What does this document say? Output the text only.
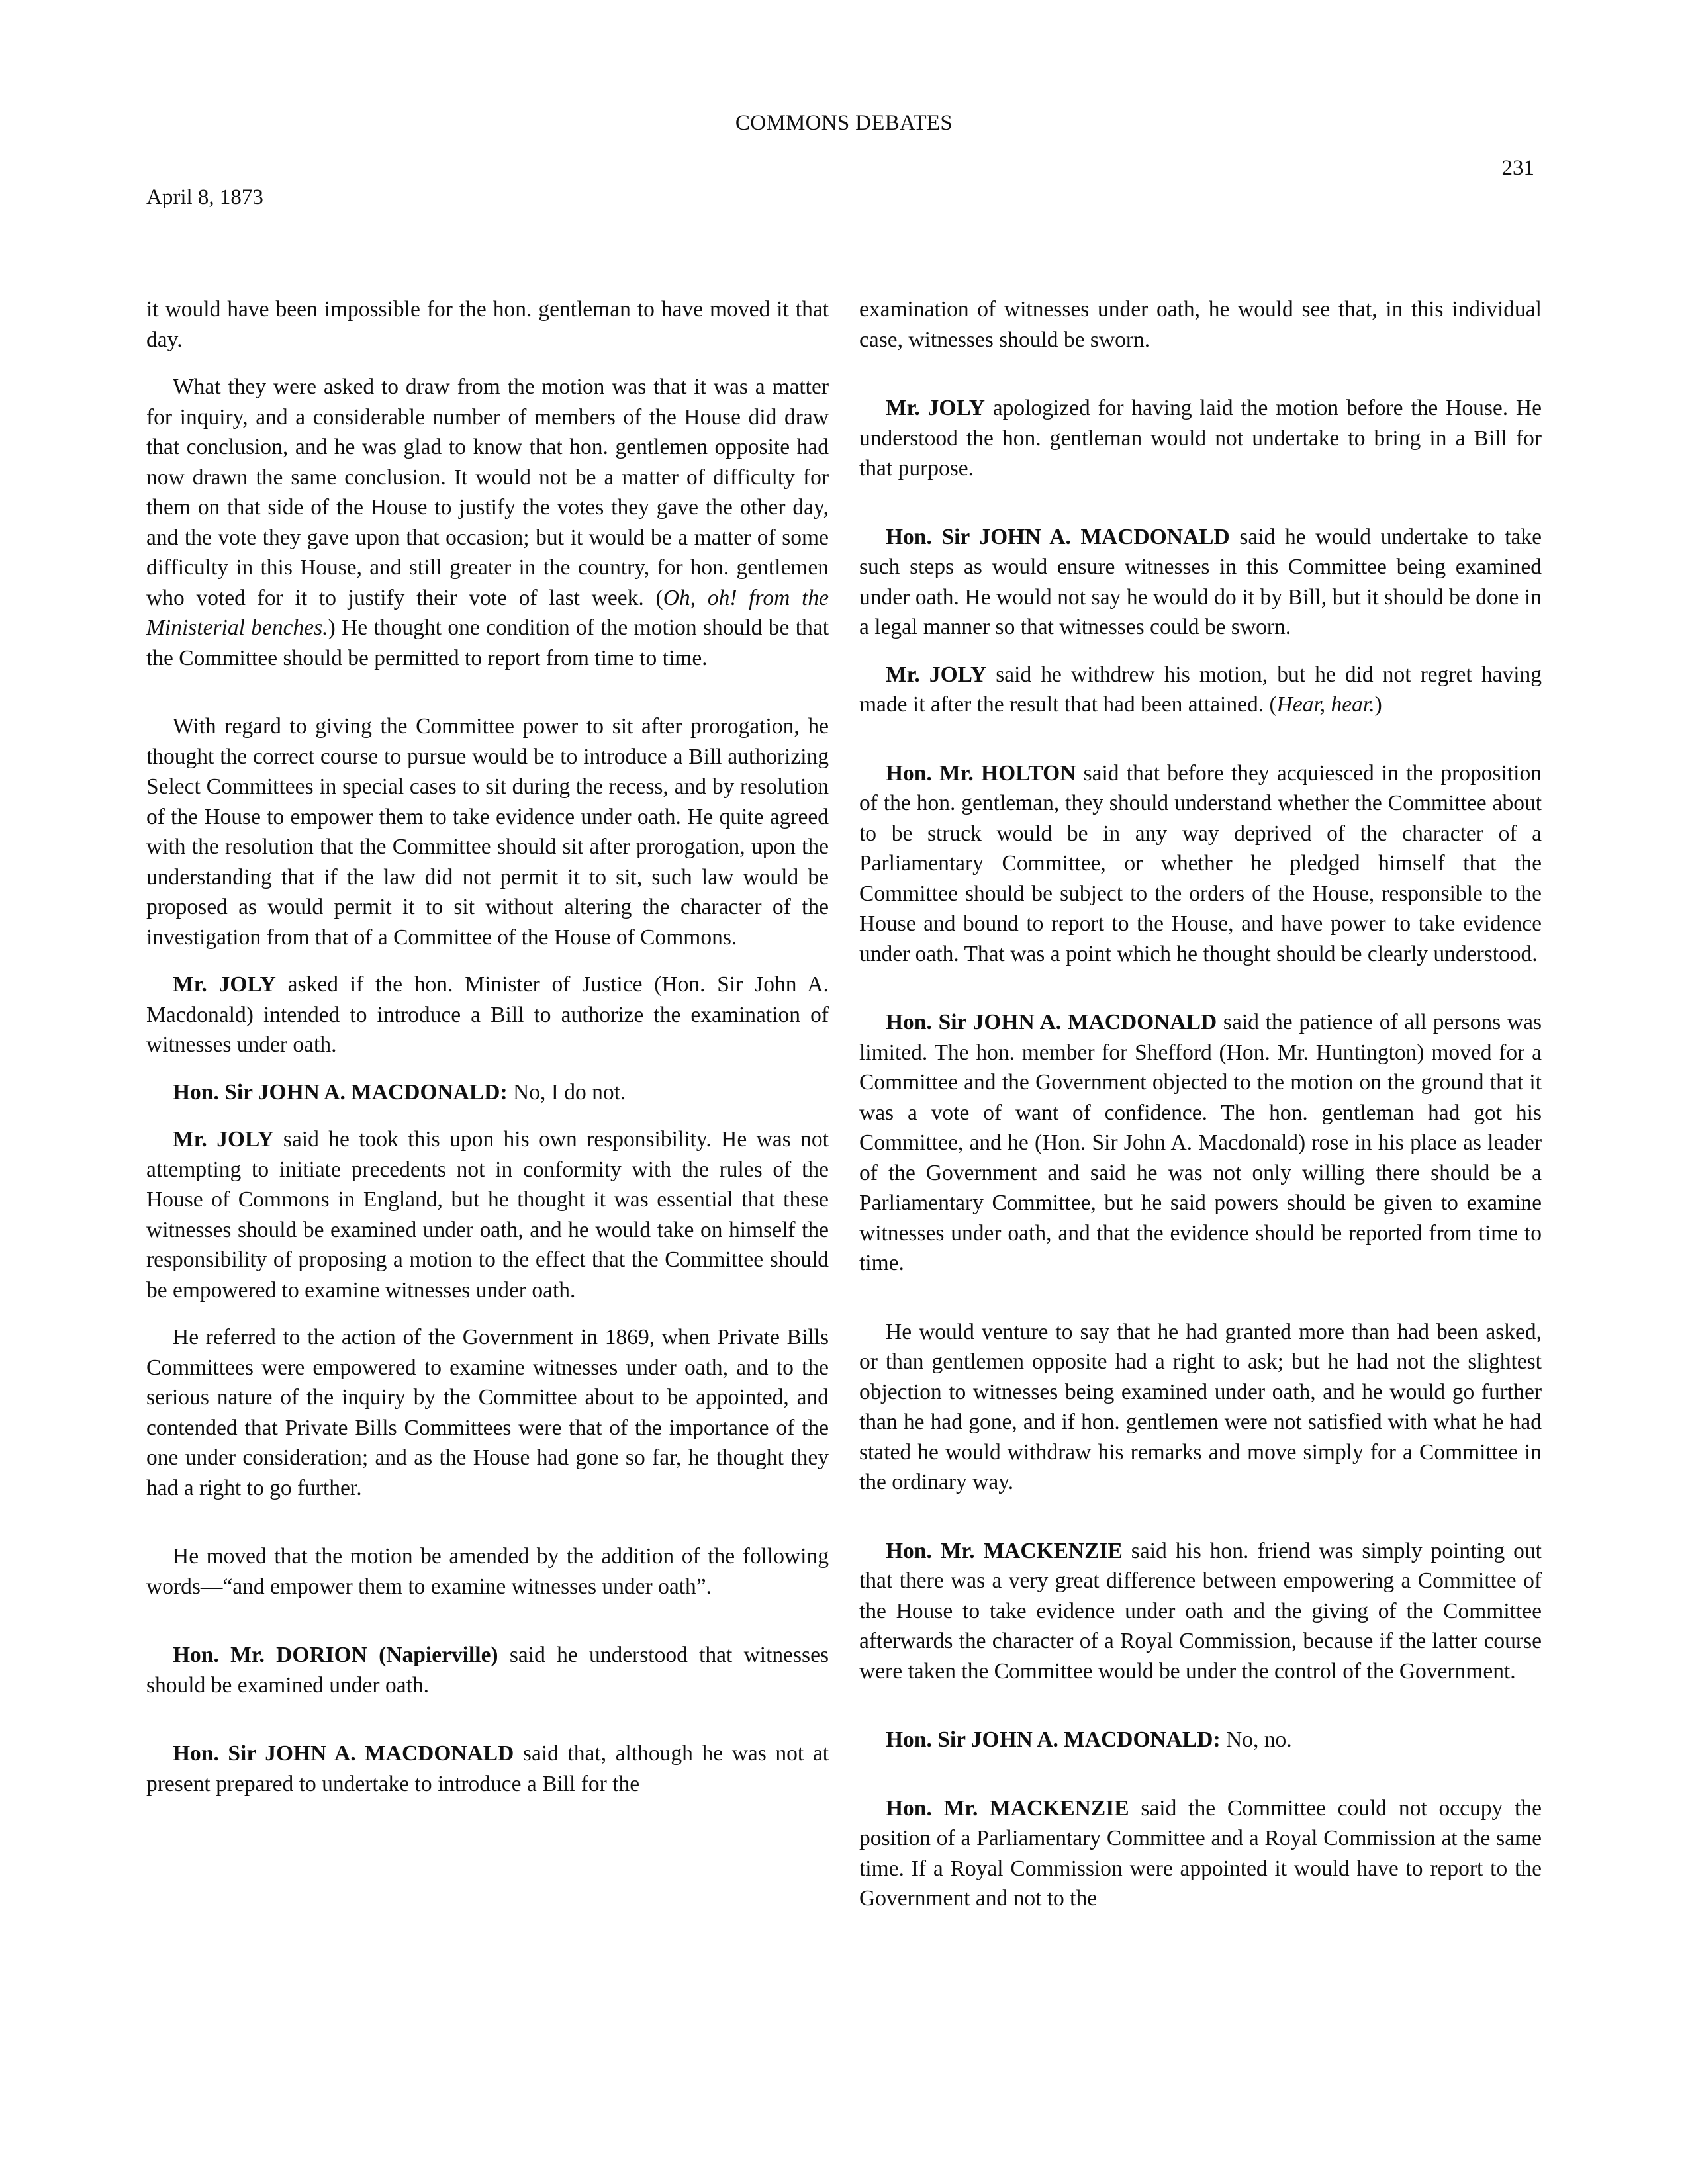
COMMONS DEBATES
231
April 8, 1873

it would have been impossible for the hon. gentleman to have moved it that day.

What they were asked to draw from the motion was that it was a matter for inquiry, and a considerable number of members of the House did draw that conclusion, and he was glad to know that hon. gentlemen opposite had now drawn the same conclusion. It would not be a matter of difficulty for them on that side of the House to justify the votes they gave the other day, and the vote they gave upon that occasion; but it would be a matter of some difficulty in this House, and still greater in the country, for hon. gentlemen who voted for it to justify their vote of last week. (Oh, oh! from the Ministerial benches.) He thought one condition of the motion should be that the Committee should be permitted to report from time to time.

With regard to giving the Committee power to sit after prorogation, he thought the correct course to pursue would be to introduce a Bill authorizing Select Committees in special cases to sit during the recess, and by resolution of the House to empower them to take evidence under oath. He quite agreed with the resolution that the Committee should sit after prorogation, upon the understanding that if the law did not permit it to sit, such law would be proposed as would permit it to sit without altering the character of the investigation from that of a Committee of the House of Commons.

Mr. JOLY asked if the hon. Minister of Justice (Hon. Sir John A. Macdonald) intended to introduce a Bill to authorize the examination of witnesses under oath.

Hon. Sir JOHN A. MACDONALD: No, I do not.

Mr. JOLY said he took this upon his own responsibility. He was not attempting to initiate precedents not in conformity with the rules of the House of Commons in England, but he thought it was essential that these witnesses should be examined under oath, and he would take on himself the responsibility of proposing a motion to the effect that the Committee should be empowered to examine witnesses under oath.

He referred to the action of the Government in 1869, when Private Bills Committees were empowered to examine witnesses under oath, and to the serious nature of the inquiry by the Committee about to be appointed, and contended that Private Bills Committees were that of the importance of the one under consideration; and as the House had gone so far, he thought they had a right to go further.

He moved that the motion be amended by the addition of the following words—“and empower them to examine witnesses under oath”.

Hon. Mr. DORION (Napierville) said he understood that witnesses should be examined under oath.

Hon. Sir JOHN A. MACDONALD said that, although he was not at present prepared to undertake to introduce a Bill for the

examination of witnesses under oath, he would see that, in this individual case, witnesses should be sworn.

Mr. JOLY apologized for having laid the motion before the House. He understood the hon. gentleman would not undertake to bring in a Bill for that purpose.

Hon. Sir JOHN A. MACDONALD said he would undertake to take such steps as would ensure witnesses in this Committee being examined under oath. He would not say he would do it by Bill, but it should be done in a legal manner so that witnesses could be sworn.

Mr. JOLY said he withdrew his motion, but he did not regret having made it after the result that had been attained. (Hear, hear.)

Hon. Mr. HOLTON said that before they acquiesced in the proposition of the hon. gentleman, they should understand whether the Committee about to be struck would be in any way deprived of the character of a Parliamentary Committee, or whether he pledged himself that the Committee should be subject to the orders of the House, responsible to the House and bound to report to the House, and have power to take evidence under oath. That was a point which he thought should be clearly understood.

Hon. Sir JOHN A. MACDONALD said the patience of all persons was limited. The hon. member for Shefford (Hon. Mr. Huntington) moved for a Committee and the Government objected to the motion on the ground that it was a vote of want of confidence. The hon. gentleman had got his Committee, and he (Hon. Sir John A. Macdonald) rose in his place as leader of the Government and said he was not only willing there should be a Parliamentary Committee, but he said powers should be given to examine witnesses under oath, and that the evidence should be reported from time to time.

He would venture to say that he had granted more than had been asked, or than gentlemen opposite had a right to ask; but he had not the slightest objection to witnesses being examined under oath, and he would go further than he had gone, and if hon. gentlemen were not satisfied with what he had stated he would withdraw his remarks and move simply for a Committee in the ordinary way.

Hon. Mr. MACKENZIE said his hon. friend was simply pointing out that there was a very great difference between empowering a Committee of the House to take evidence under oath and the giving of the Committee afterwards the character of a Royal Commission, because if the latter course were taken the Committee would be under the control of the Government.

Hon. Sir JOHN A. MACDONALD: No, no.

Hon. Mr. MACKENZIE said the Committee could not occupy the position of a Parliamentary Committee and a Royal Commission at the same time. If a Royal Commission were appointed it would have to report to the Government and not to the
